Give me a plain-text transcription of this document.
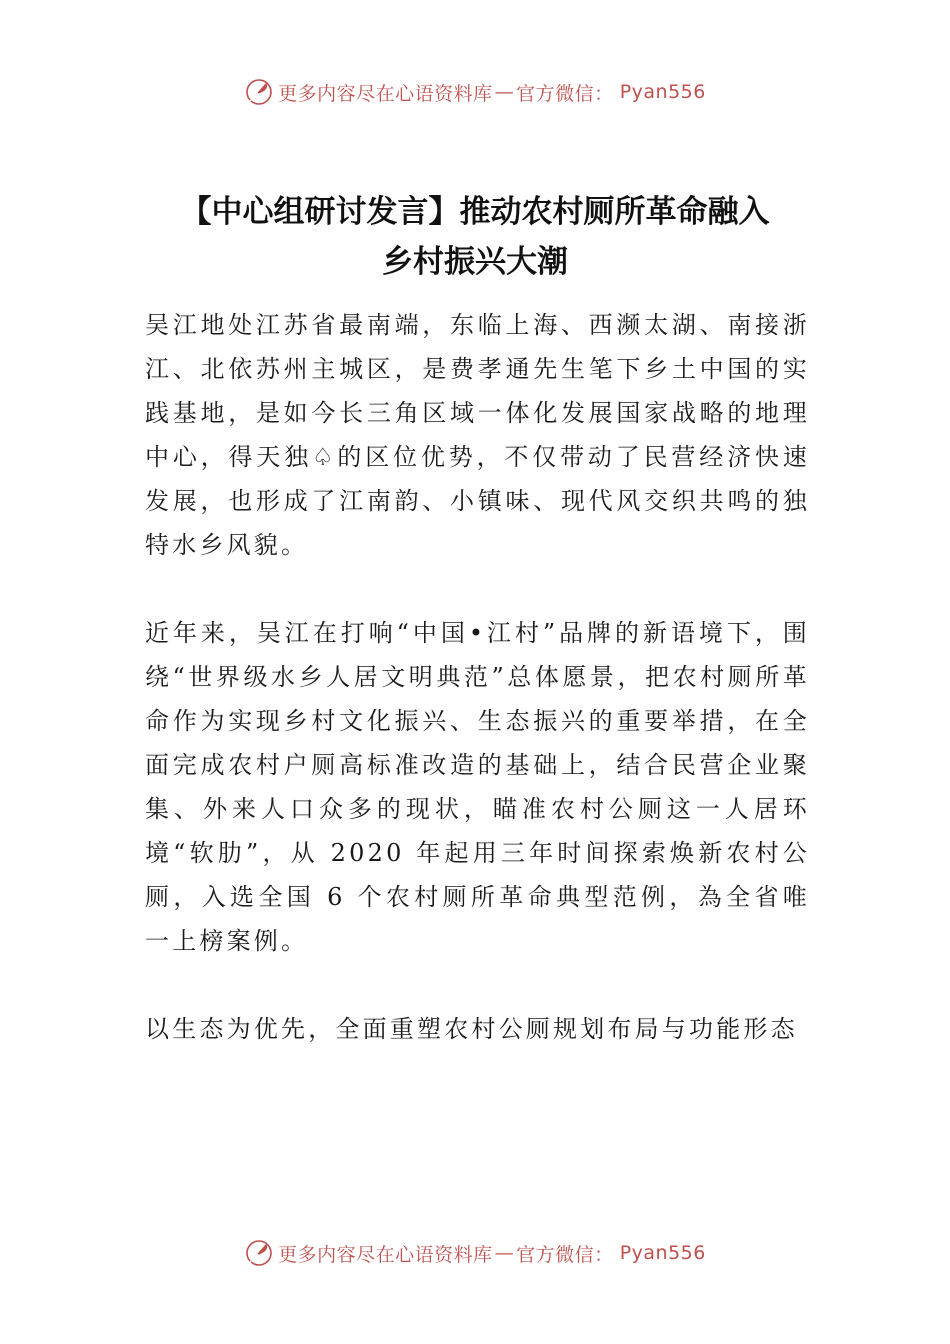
更多内容尽在心语资料库 — 官方微信： Pyan556
【中心组研讨发言】推动农村厕所革命融入
乡村振兴大潮

吴江地处江苏省最南端，东临上海、西濒太湖、南接浙江、北依苏州主城区，是费孝通先生笔下乡土中国的实践基地，是如今长三角区域一体化发展国家战略的地理中心，得天独♤的区位优势，不仅带动了民营经济快速发展，也形成了江南韵、小镇味、现代风交织共鸣的独特水乡风貌。

近年来，吴江在打响“中国•江村”品牌的新语境下，围绕“世界级水乡人居文明典范”总体愿景，把农村厕所革命作为实现乡村文化振兴、生态振兴的重要举措，在全面完成农村户厕高标准改造的基础上，结合民营企业聚集、外来人口众多的现状，瞄准农村公厕这一人居环境“软肋”，从 2020 年起用三年时间探索焕新农村公厕，入选全国 6 个农村厕所革命典型范例，為全省唯一上榜案例。

以生态为优先，全面重塑农村公厕规划布局与功能形态

更多内容尽在心语资料库 — 官方微信： Pyan556
